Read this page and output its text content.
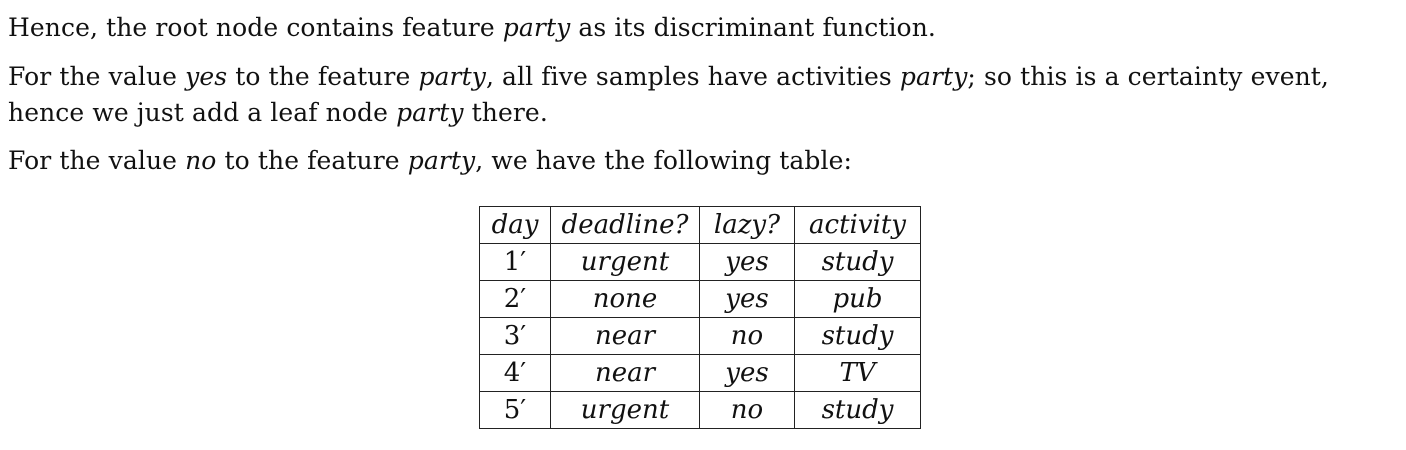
Hence, the root node contains feature party as its discriminant function.

For the value yes to the feature party, all five samples have activities party; so this is a certainty event, hence we just add a leaf node party there.

For the value no to the feature party, we have the following table:

day	deadline?	lazy?	activity
1′	urgent	yes	study
2′	none	yes	pub
3′	near	no	study
4′	near	yes	TV
5′	urgent	no	study
